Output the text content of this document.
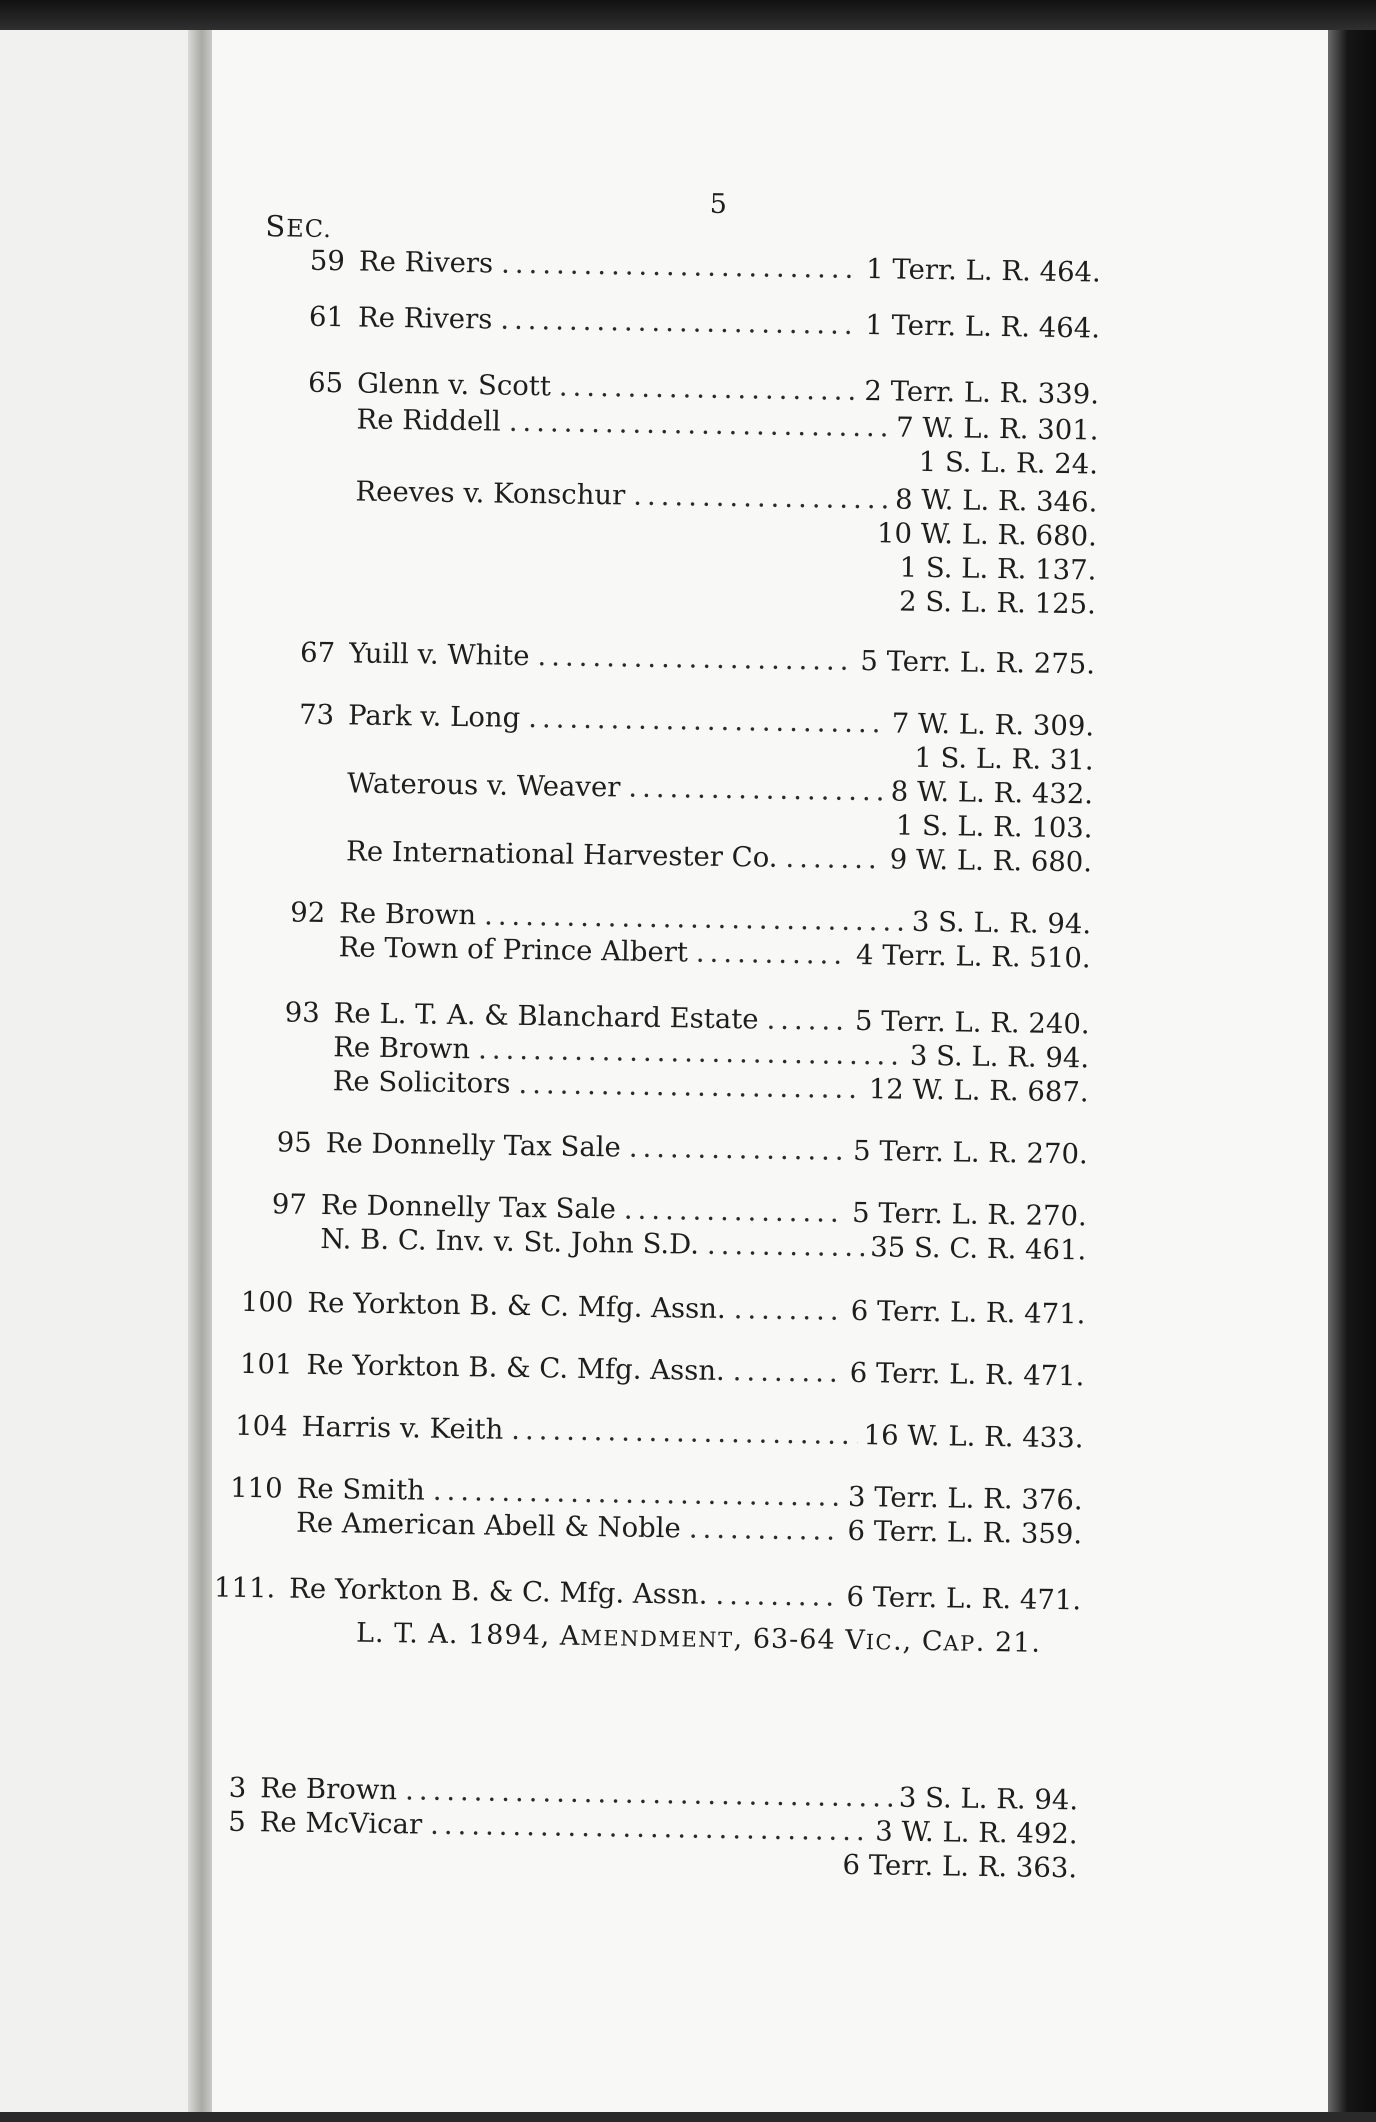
5
SEC.
59 Re Rivers .....	1 Terr. L. R. 464.
61 Re Rivers .....	1 Terr. L. R. 464.
65 Glenn v. Scott .....	2 Terr. L. R. 339.
Re Riddell .....	7 W. L. R. 301.
1 S. L. R. 24.
Reeves v. Konschur .....	8 W. L. R. 346.
10 W. L. R. 680.
1 S. L. R. 137.
2 S. L. R. 125.
67 Yuill v. White .....	5 Terr. L. R. 275.
73 Park v. Long .....	7 W. L. R. 309.
1 S. L. R. 31.
Waterous v. Weaver .....	8 W. L. R. 432.
1 S. L. R. 103.
Re International Harvester Co. .....	9 W. L. R. 680.
92 Re Brown .....	3 S. L. R. 94.
Re Town of Prince Albert .....	4 Terr. L. R. 510.
93 Re L. T. A. & Blanchard Estate .....	5 Terr. L. R. 240.
Re Brown .....	3 S. L. R. 94.
Re Solicitors .....	12 W. L. R. 687.
95 Re Donnelly Tax Sale .....	5 Terr. L. R. 270.
97 Re Donnelly Tax Sale .....	5 Terr. L. R. 270.
N. B. C. Inv. v. St. John S.D. .....	35 S. C. R. 461.
100 Re Yorkton B. & C. Mfg. Assn. .....	6 Terr. L. R. 471.
101 Re Yorkton B. & C. Mfg. Assn. .....	6 Terr. L. R. 471.
104 Harris v. Keith .....	16 W. L. R. 433.
110 Re Smith .....	3 Terr. L. R. 376.
Re American Abell & Noble .....	6 Terr. L. R. 359.
111. Re Yorkton B. & C. Mfg. Assn. .....	6 Terr. L. R. 471.
L. T. A. 1894, AMENDMENT, 63-64 VIC., CAP. 21.
3 Re Brown .....	3 S. L. R. 94.
5 Re McVicar .....	3 W. L. R. 492.
6 Terr. L. R. 363.
